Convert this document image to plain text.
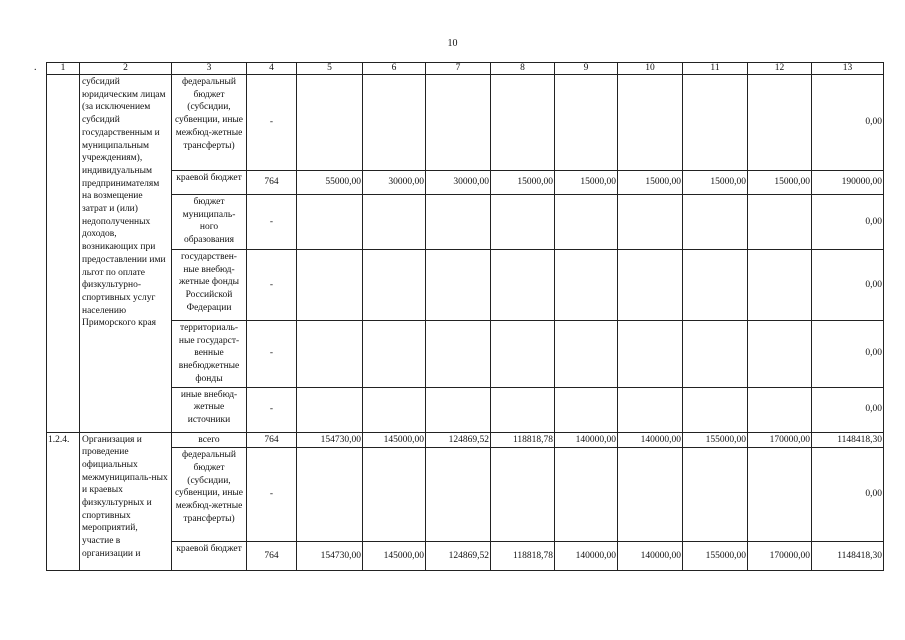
10
.	1	2	3	4	5	6	7	8	9	10	11	12	13
	субсидий юридическим лицам (за исключением субсидий государственным и муниципальным учреждениям), индивидуальным предпринимателям на возмещение затрат и (или) недополученных доходов, возникающих при предоставлении ими льгот по оплате физкультурно-спортивных услуг населению Приморского края	федеральный бюджет (субсидии, субвенции, иные межбюд-жетные трансферты)	-									0,00
		краевой бюджет	764	55000,00	30000,00	30000,00	15000,00	15000,00	15000,00	15000,00	15000,00	190000,00
		бюджет муниципаль-ного образования	-									0,00
		государствен-ные внебюд-жетные фонды Российской Федерации	-									0,00
		территориаль-ные государст-венные внебюджетные фонды	-									0,00
		иные внебюд-жетные источники	-									0,00
1.2.4.	Организация и проведение официальных межмуниципаль-ных и краевых физкультурных и спортивных мероприятий, участие в организации и	всего	764	154730,00	145000,00	124869,52	118818,78	140000,00	140000,00	155000,00	170000,00	1148418,30
		федеральный бюджет (субсидии, субвенции, иные межбюд-жетные трансферты)	-									0,00
		краевой бюджет	764	154730,00	145000,00	124869,52	118818,78	140000,00	140000,00	155000,00	170000,00	1148418,30
